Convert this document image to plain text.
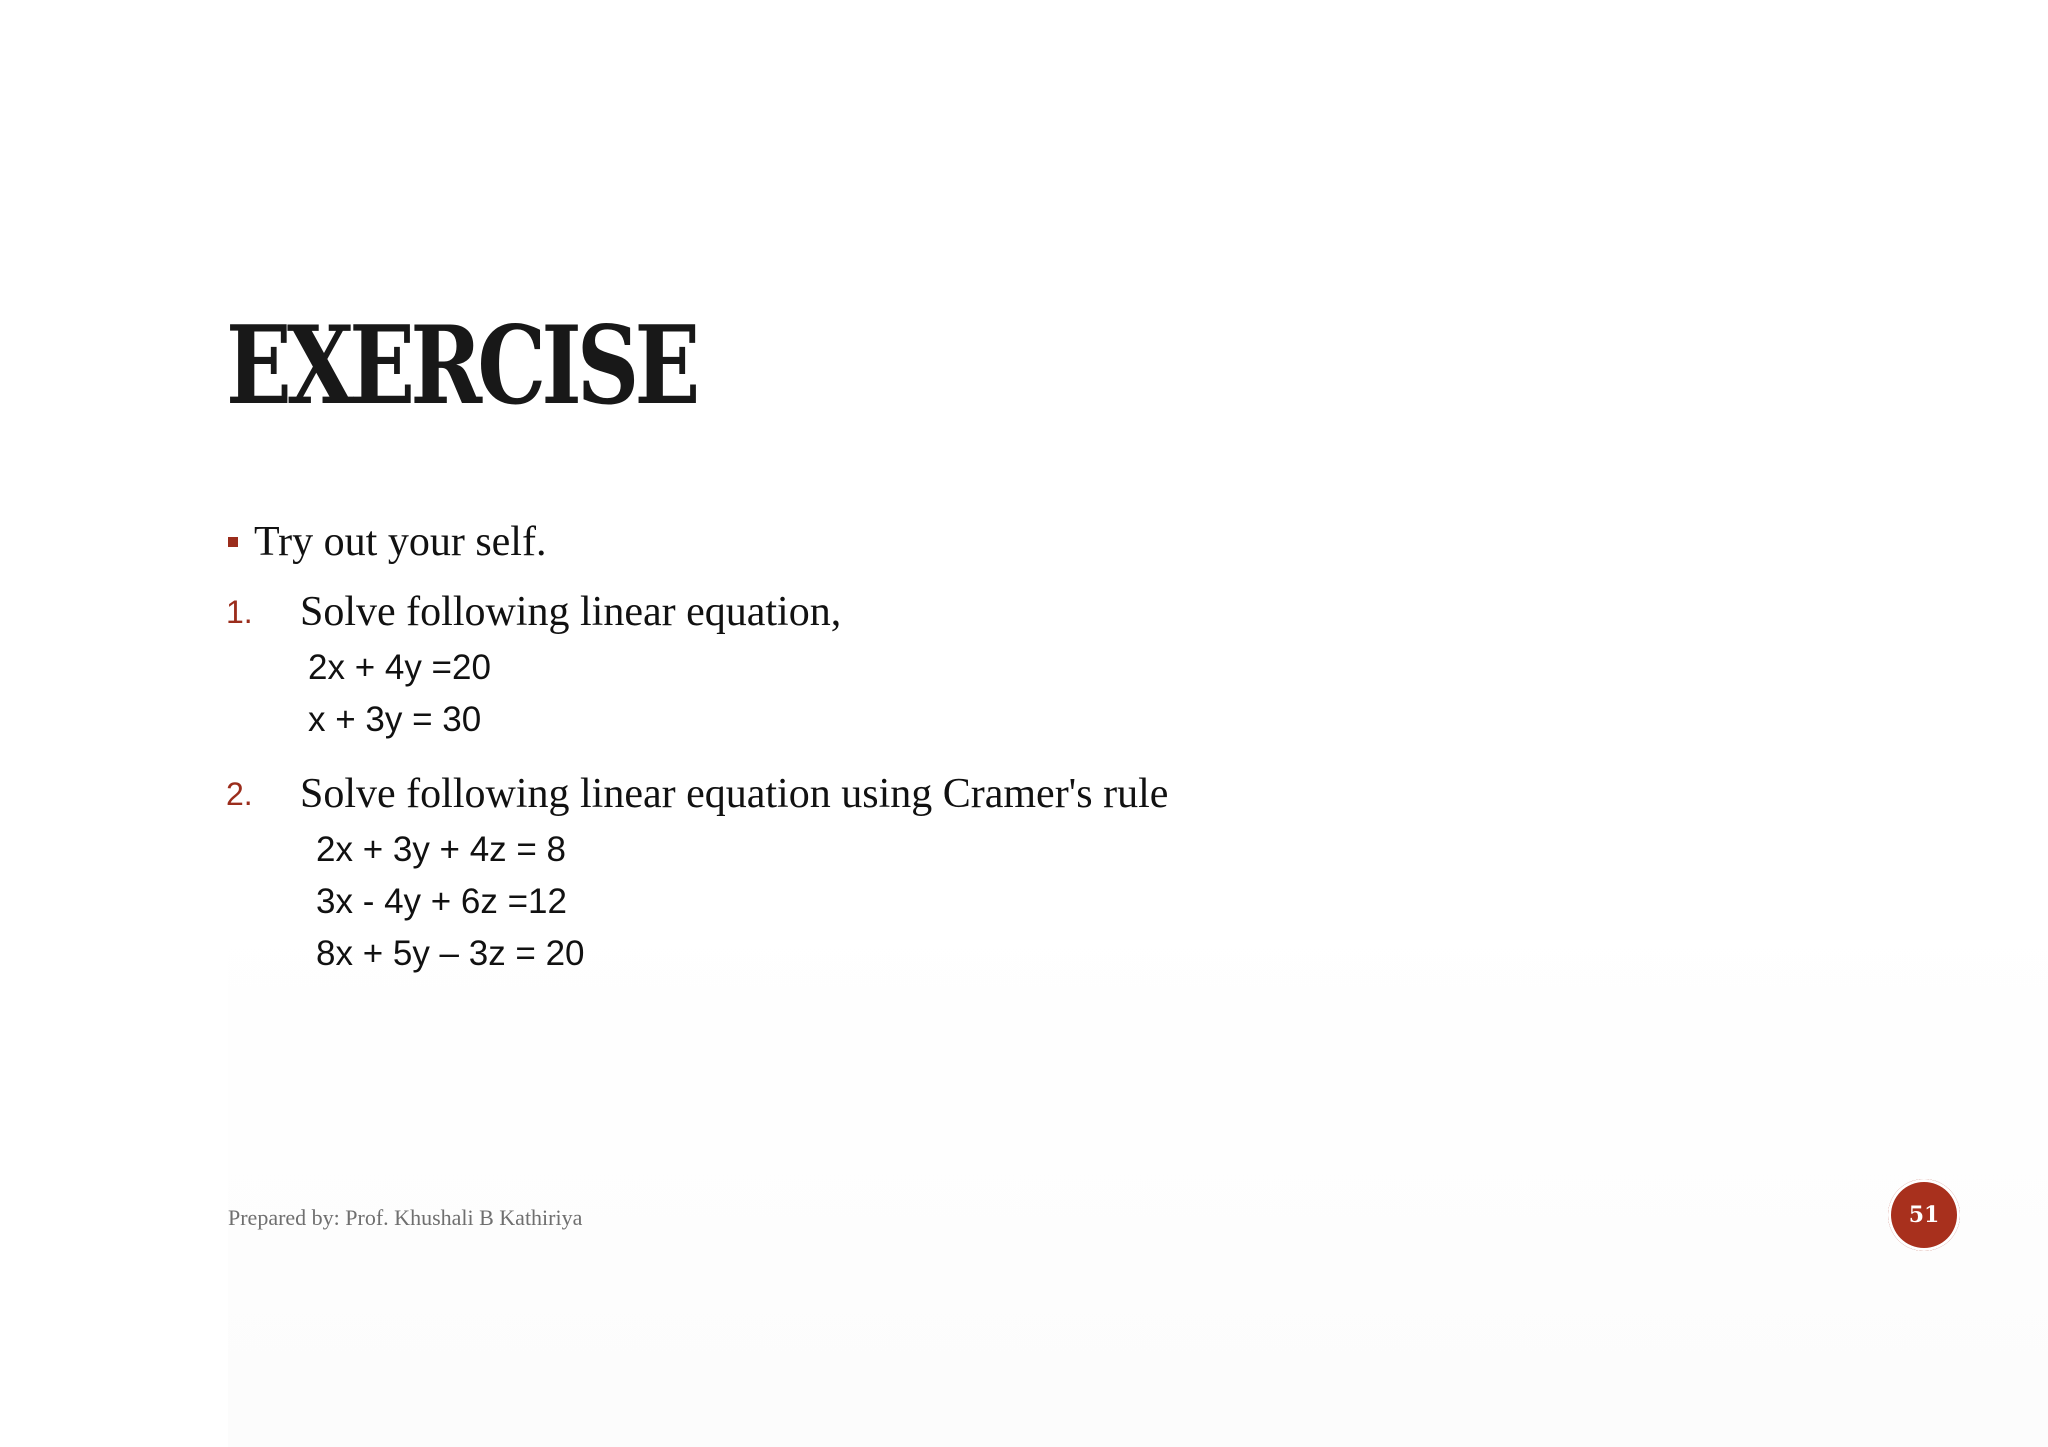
EXERCISE
Try out your self.
1.	Solve following linear equation,
2x + 4y =20
x + 3y = 30
2.	Solve following linear equation using Cramer's rule
2x + 3y + 4z = 8
3x - 4y + 6z =12
8x + 5y – 3z = 20
Prepared by: Prof. Khushali B Kathiriya	51
